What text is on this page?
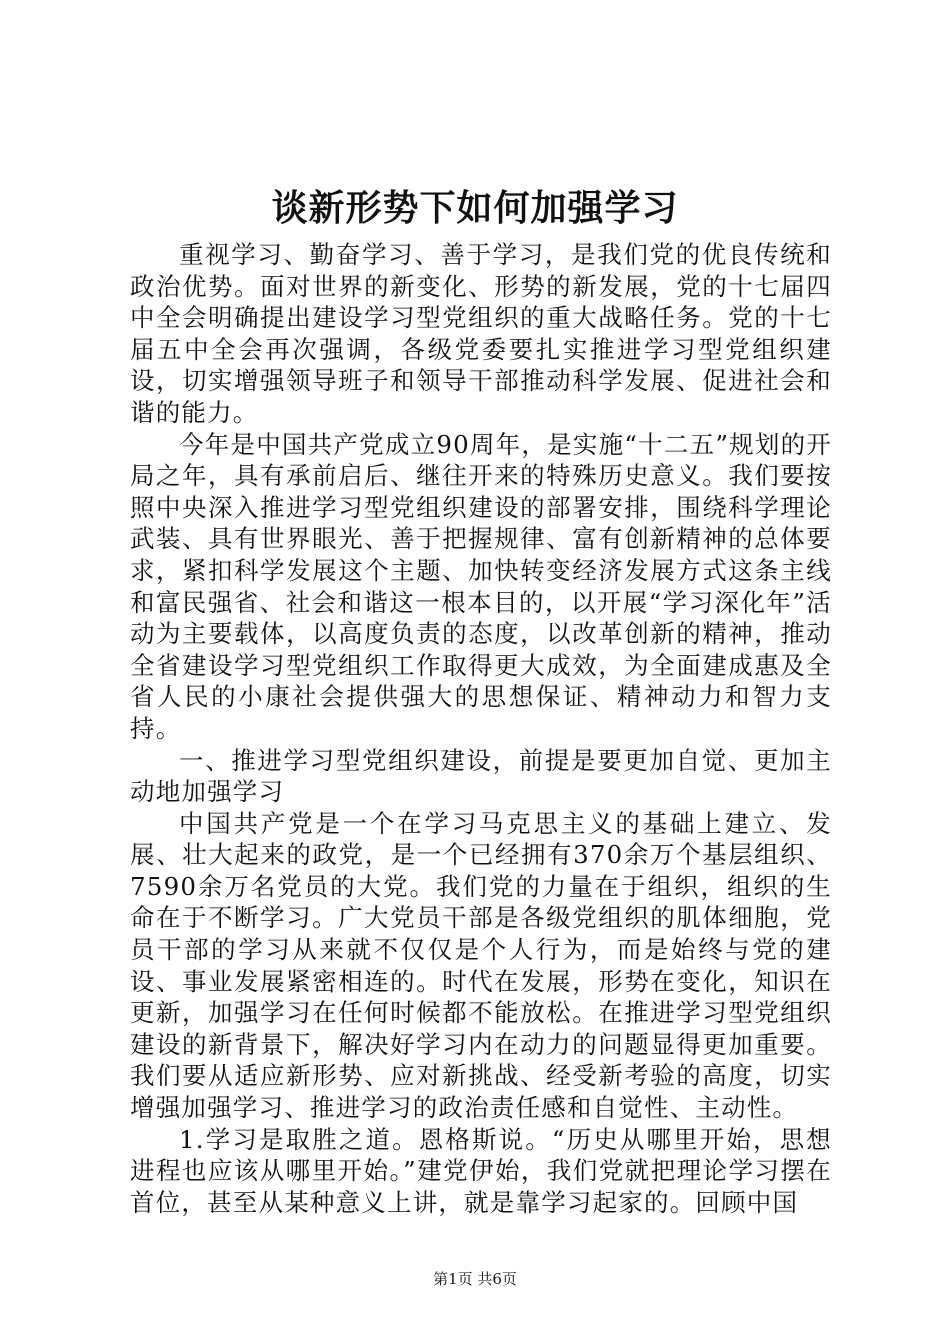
谈新形势下如何加强学习

重视学习、勤奋学习、善于学习，是我们党的优良传统和政治优势。面对世界的新变化、形势的新发展，党的十七届四中全会明确提出建设学习型党组织的重大战略任务。党的十七届五中全会再次强调，各级党委要扎实推进学习型党组织建设，切实增强领导班子和领导干部推动科学发展、促进社会和谐的能力。

今年是中国共产党成立90周年，是实施“十二五”规划的开局之年，具有承前启后、继往开来的特殊历史意义。我们要按照中央深入推进学习型党组织建设的部署安排，围绕科学理论武装、具有世界眼光、善于把握规律、富有创新精神的总体要求，紧扣科学发展这个主题、加快转变经济发展方式这条主线和富民强省、社会和谐这一根本目的，以开展“学习深化年”活动为主要载体，以高度负责的态度，以改革创新的精神，推动全省建设学习型党组织工作取得更大成效，为全面建成惠及全省人民的小康社会提供强大的思想保证、精神动力和智力支持。

一、推进学习型党组织建设，前提是要更加自觉、更加主动地加强学习

中国共产党是一个在学习马克思主义的基础上建立、发展、壮大起来的政党，是一个已经拥有370余万个基层组织、7590余万名党员的大党。我们党的力量在于组织，组织的生命在于不断学习。广大党员干部是各级党组织的肌体细胞，党员干部的学习从来就不仅仅是个人行为，而是始终与党的建设、事业发展紧密相连的。时代在发展，形势在变化，知识在更新，加强学习在任何时候都不能放松。在推进学习型党组织建设的新背景下，解决好学习内在动力的问题显得更加重要。我们要从适应新形势、应对新挑战、经受新考验的高度，切实增强加强学习、推进学习的政治责任感和自觉性、主动性。

1.学习是取胜之道。恩格斯说。“历史从哪里开始，思想进程也应该从哪里开始。”建党伊始，我们党就把理论学习摆在首位，甚至从某种意义上讲，就是靠学习起家的。回顾中国

第1页 共6页
